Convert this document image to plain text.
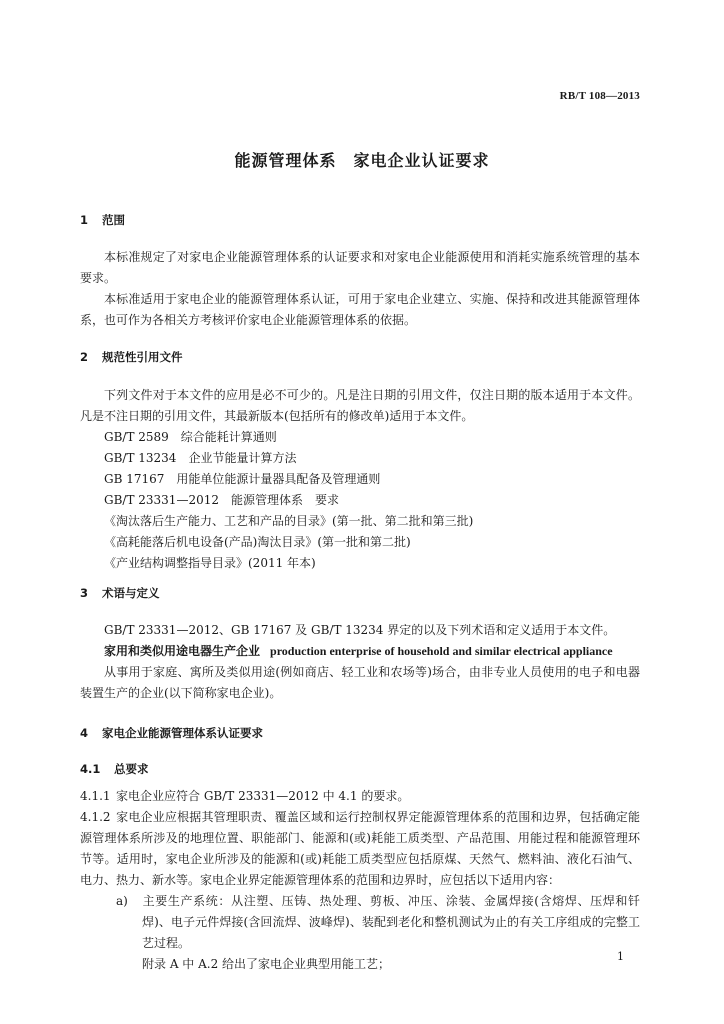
RB/T 108—2013
能源管理体系　家电企业认证要求
1 范围
本标准规定了对家电企业能源管理体系的认证要求和对家电企业能源使用和消耗实施系统管理的基本要求。
本标准适用于家电企业的能源管理体系认证，可用于家电企业建立、实施、保持和改进其能源管理体系，也可作为各相关方考核评价家电企业能源管理体系的依据。
2 规范性引用文件
下列文件对于本文件的应用是必不可少的。凡是注日期的引用文件，仅注日期的版本适用于本文件。凡是不注日期的引用文件，其最新版本(包括所有的修改单)适用于本文件。
GB/T 2589　综合能耗计算通则
GB/T 13234　企业节能量计算方法
GB 17167　用能单位能源计量器具配备及管理通则
GB/T 23331—2012　能源管理体系　要求
《淘汰落后生产能力、工艺和产品的目录》(第一批、第二批和第三批)
《高耗能落后机电设备(产品)淘汰目录》(第一批和第二批)
《产业结构调整指导目录》(2011 年本)
3 术语与定义
GB/T 23331—2012、GB 17167 及 GB/T 13234 界定的以及下列术语和定义适用于本文件。
家用和类似用途电器生产企业 production enterprise of household and similar electrical appliance
从事用于家庭、寓所及类似用途(例如商店、轻工业和农场等)场合，由非专业人员使用的电子和电器装置生产的企业(以下简称家电企业)。
4 家电企业能源管理体系认证要求
4.1 总要求
4.1.1 家电企业应符合 GB/T 23331—2012 中 4.1 的要求。
4.1.2 家电企业应根据其管理职责、覆盖区域和运行控制权界定能源管理体系的范围和边界，包括确定能源管理体系所涉及的地理位置、职能部门、能源和(或)耗能工质类型、产品范围、用能过程和能源管理环节等。适用时，家电企业所涉及的能源和(或)耗能工质类型应包括原煤、天然气、燃料油、液化石油气、电力、热力、新水等。家电企业界定能源管理体系的范围和边界时，应包括以下适用内容：
a) 主要生产系统：从注塑、压铸、热处理、剪板、冲压、涂装、金属焊接(含熔焊、压焊和钎焊)、电子元件焊接(含回流焊、波峰焊)、装配到老化和整机测试为止的有关工序组成的完整工艺过程。
附录 A 中 A.2 给出了家电企业典型用能工艺；
1
